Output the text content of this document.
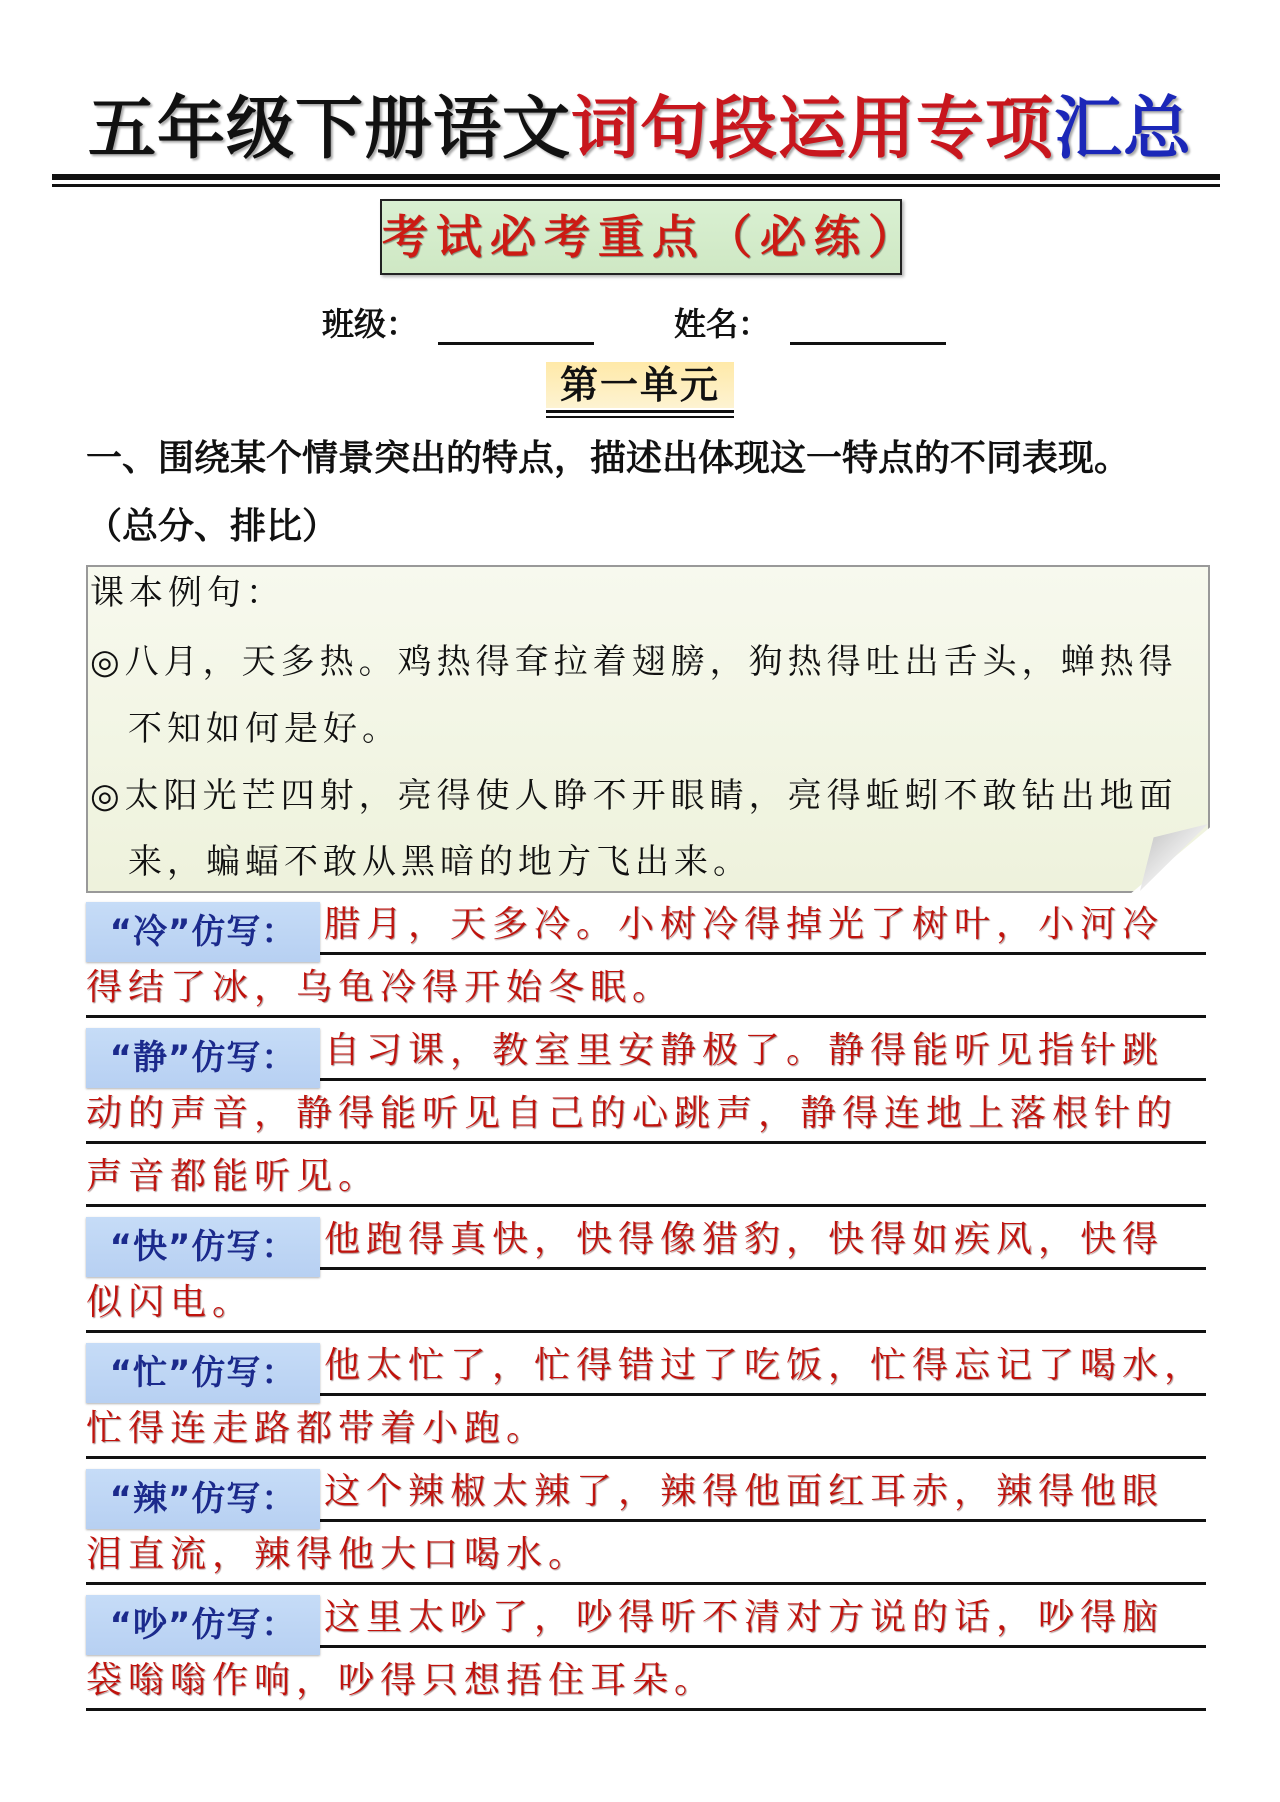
五年级下册语文词句段运用专项汇总
考试必考重点（必练）
班级：	姓名：
第一单元
一、围绕某个情景突出的特点，描述出体现这一特点的不同表现。
（总分、排比）
课本例句：
◎八月，天多热。鸡热得耷拉着翅膀，狗热得吐出舌头，蝉热得
不知如何是好。
◎太阳光芒四射，亮得使人睁不开眼睛，亮得蚯蚓不敢钻出地面
来，蝙蝠不敢从黑暗的地方飞出来。
腊月，天多冷。小树冷得掉光了树叶，小河冷
“冷”仿写：
得结了冰，乌龟冷得开始冬眠。
自习课，教室里安静极了。静得能听见指针跳
“静”仿写：
动的声音，静得能听见自己的心跳声，静得连地上落根针的
声音都能听见。
他跑得真快，快得像猎豹，快得如疾风，快得
“快”仿写：
似闪电。
他太忙了，忙得错过了吃饭，忙得忘记了喝水，
“忙”仿写：
忙得连走路都带着小跑。
这个辣椒太辣了，辣得他面红耳赤，辣得他眼
“辣”仿写：
泪直流，辣得他大口喝水。
这里太吵了，吵得听不清对方说的话，吵得脑
“吵”仿写：
袋嗡嗡作响，吵得只想捂住耳朵。
